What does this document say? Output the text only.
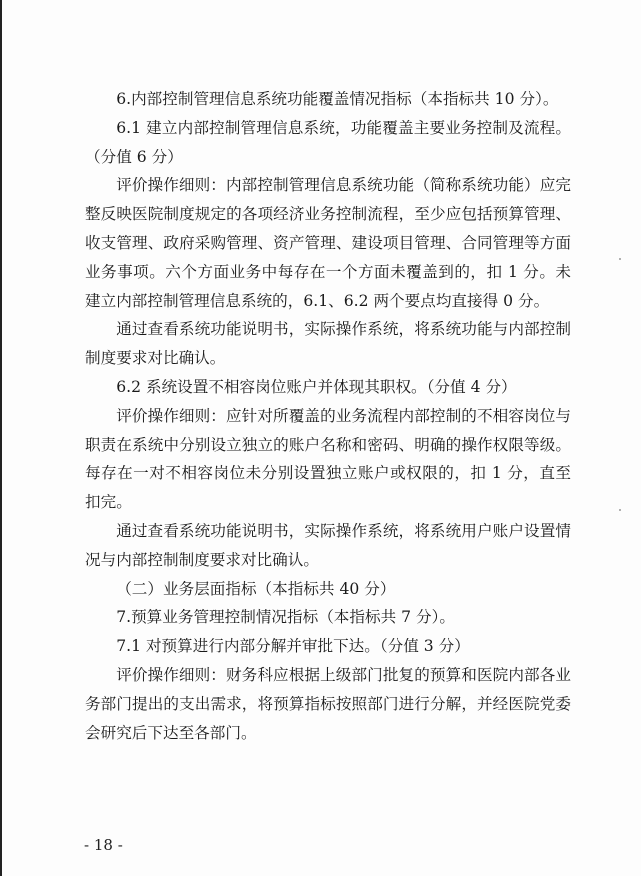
6.内部控制管理信息系统功能覆盖情况指标（本指标共 10 分）。

6.1 建立内部控制管理信息系统，功能覆盖主要业务控制及流程。（分值 6 分）

评价操作细则：内部控制管理信息系统功能（简称系统功能）应完整反映医院制度规定的各项经济业务控制流程，至少应包括预算管理、收支管理、政府采购管理、资产管理、建设项目管理、合同管理等方面业务事项。六个方面业务中每存在一个方面未覆盖到的，扣 1 分。未建立内部控制管理信息系统的，6.1、6.2 两个要点均直接得 0 分。

通过查看系统功能说明书，实际操作系统，将系统功能与内部控制制度要求对比确认。

6.2 系统设置不相容岗位账户并体现其职权。（分值 4 分）

评价操作细则：应针对所覆盖的业务流程内部控制的不相容岗位与职责在系统中分别设立独立的账户名称和密码、明确的操作权限等级。每存在一对不相容岗位未分别设置独立账户或权限的，扣 1 分，直至扣完。

通过查看系统功能说明书，实际操作系统，将系统用户账户设置情况与内部控制制度要求对比确认。

（二）业务层面指标（本指标共 40 分）

7.预算业务管理控制情况指标（本指标共 7 分）。

7.1 对预算进行内部分解并审批下达。（分值 3 分）

评价操作细则：财务科应根据上级部门批复的预算和医院内部各业务部门提出的支出需求，将预算指标按照部门进行分解，并经医院党委会研究后下达至各部门。

- 18 -
